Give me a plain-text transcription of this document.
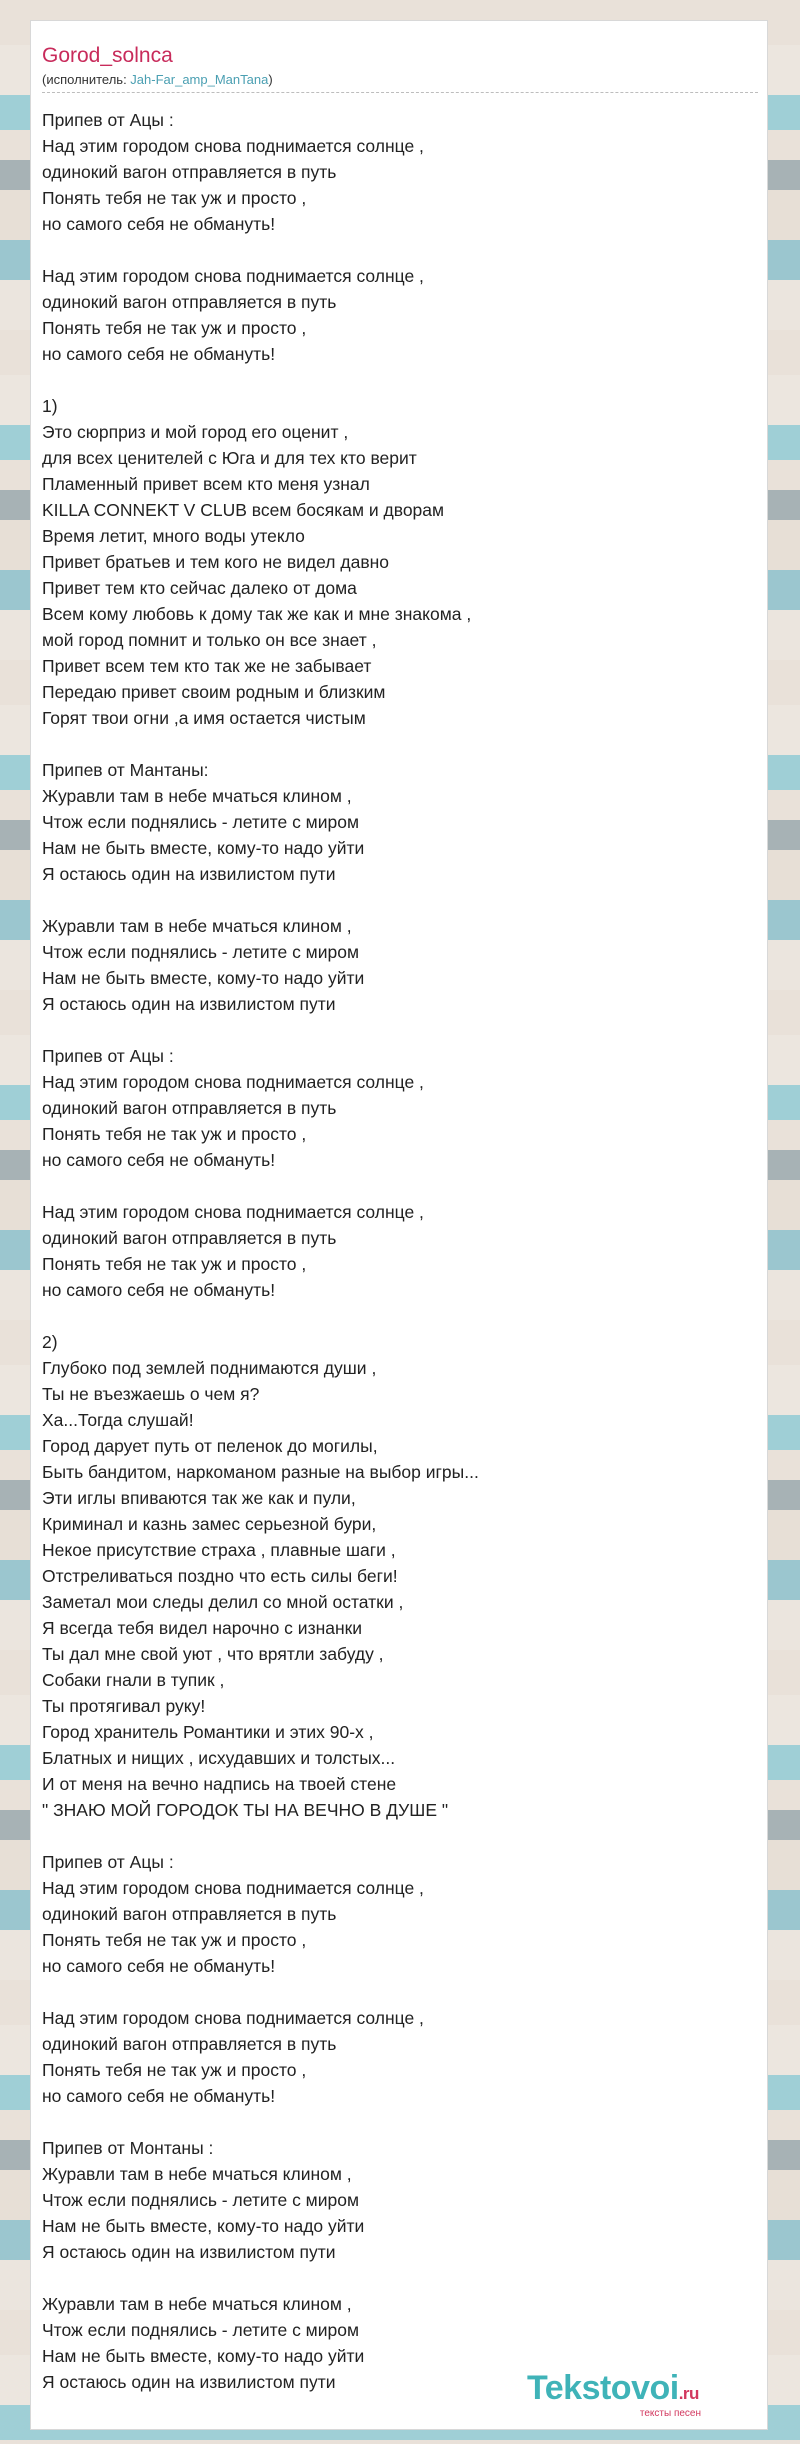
Gorod_solnca
(исполнитель: Jah-Far_amp_ManTana)
Припев от Ацы :
Над этим городом снова поднимается солнце ,
одинокий вагон отправляется в путь
Понять тебя не так уж и просто ,
но самого себя не обмануть!
Над этим городом снова поднимается солнце ,
одинокий вагон отправляется в путь
Понять тебя не так уж и просто ,
но самого себя не обмануть!
1)
Это сюрприз и мой город его оценит ,
для всех ценителей с Юга и для тех кто верит
Пламенный привет всем кто меня узнал
KILLA CONNEKT V CLUB всем босякам и дворам
Время летит, много воды утекло
Привет братьев и тем кого не видел давно
Привет тем кто сейчас далеко от дома
Всем кому любовь к дому так же как и мне знакома ,
мой город помнит и только он все знает ,
Привет всем тем кто так же не забывает
Передаю привет своим родным и близким
Горят твои огни ,а имя остается чистым
Припев от Мантаны:
Журавли там в небе мчаться клином ,
Чтож если поднялись - летите с миром
Нам не быть вместе, кому-то надо уйти
Я остаюсь один на извилистом пути
Журавли там в небе мчаться клином ,
Чтож если поднялись - летите с миром
Нам не быть вместе, кому-то надо уйти
Я остаюсь один на извилистом пути
Припев от Ацы :
Над этим городом снова поднимается солнце ,
одинокий вагон отправляется в путь
Понять тебя не так уж и просто ,
но самого себя не обмануть!
Над этим городом снова поднимается солнце ,
одинокий вагон отправляется в путь
Понять тебя не так уж и просто ,
но самого себя не обмануть!
2)
Глубоко под землей поднимаются души ,
Ты не въезжаешь о чем я?
Ха...Тогда слушай!
Город дарует путь от пеленок до могилы,
Быть бандитом, наркоманом разные на выбор игры...
Эти иглы впиваются так же как и пули,
Криминал и казнь замес серьезной бури,
Некое присутствие страха , плавные шаги ,
Отстреливаться поздно что есть силы беги!
Заметал мои следы делил со мной остатки ,
Я всегда тебя видел нарочно с изнанки
Ты дал мне свой уют , что врятли забуду ,
Собаки гнали в тупик ,
Ты протягивал руку!
Город хранитель Романтики и этих 90-х ,
Блатных и нищих , исхудавших и толстых...
И от меня на вечно надпись на твоей стене
" ЗНАЮ МОЙ ГОРОДОК ТЫ НА ВЕЧНО В ДУШЕ "
Припев от Ацы :
Над этим городом снова поднимается солнце ,
одинокий вагон отправляется в путь
Понять тебя не так уж и просто ,
но самого себя не обмануть!
Над этим городом снова поднимается солнце ,
одинокий вагон отправляется в путь
Понять тебя не так уж и просто ,
но самого себя не обмануть!
Припев от Монтаны :
Журавли там в небе мчаться клином ,
Чтож если поднялись - летите с миром
Нам не быть вместе, кому-то надо уйти
Я остаюсь один на извилистом пути
Журавли там в небе мчаться клином ,
Чтож если поднялись - летите с миром
Нам не быть вместе, кому-то надо уйти
Я остаюсь один на извилистом пути	Tekstovoi.ru
тексты песен
